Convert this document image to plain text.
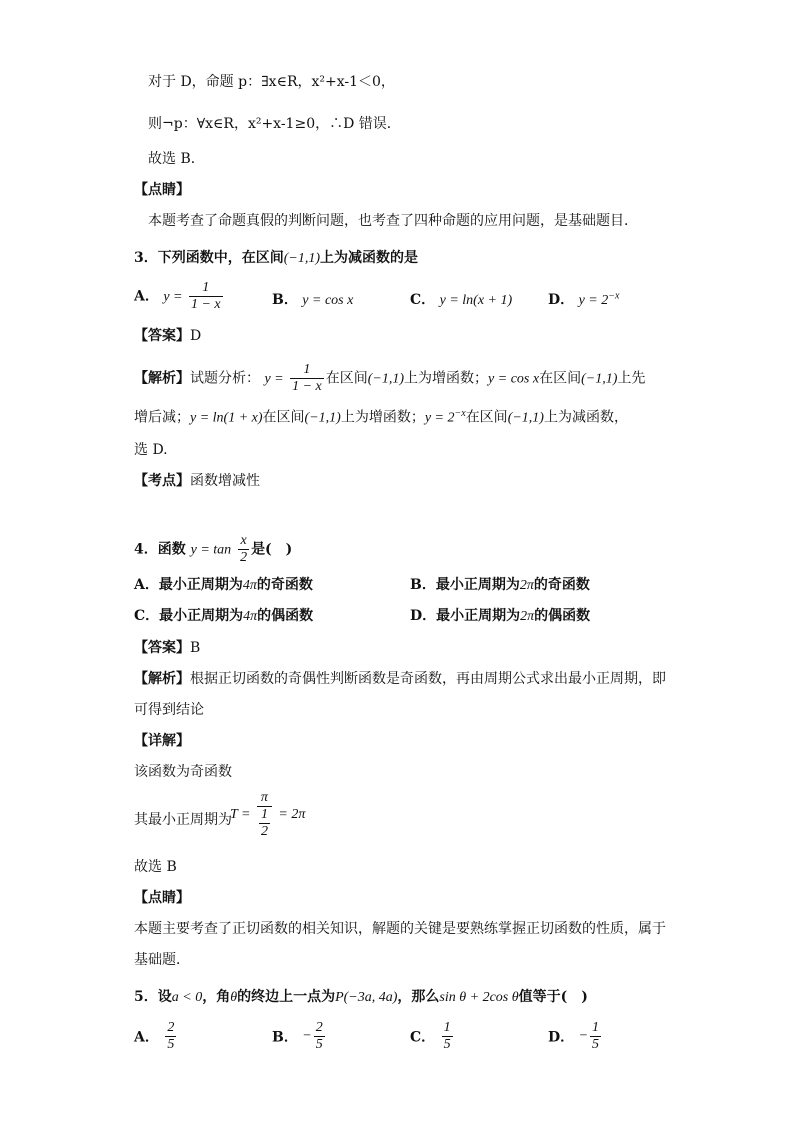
对于 D，命题 p：∃x∈R，x²+x-1＜0，
则¬p：∀x∈R，x²+x-1≥0，∴D 错误．
故选 B．
【点睛】
本题考查了命题真假的判断问题，也考查了四种命题的应用问题，是基础题目．
3．下列函数中，在区间(−1,1)上为减函数的是
A． $y = \frac{1}{1 - x}$	B． y = cos x	C． y = ln(x + 1)	D． $y = 2^{-x}$
【答案】D
【解析】试题分析： $y = \frac{1}{1 - x}$ 在区间(−1,1)上为增函数；y = cos x在区间(−1,1)上先
增后减；y = ln(1 + x)在区间(−1,1)上为增函数；$y = 2^{-x}$在区间(−1,1)上为减函数，
选 D.
【考点】函数增减性
4．函数 $y = \tan \frac{x}{2}$ 是(　)
A．最小正周期为4π的奇函数	B．最小正周期为2π的奇函数
C．最小正周期为4π的偶函数	D．最小正周期为2π的偶函数
【答案】B
【解析】根据正切函数的奇偶性判断函数是奇函数，再由周期公式求出最小正周期，即
可得到结论
【详解】
该函数为奇函数
其最小正周期为
$T = \frac{\pi}{\frac{1}{2}} = 2\pi$
故选 B
【点睛】
本题主要考查了正切函数的相关知识，解题的关键是要熟练掌握正切函数的性质，属于
基础题．
5．设a < 0，角θ的终边上一点为P(−3a, 4a)，那么sin θ + 2cos θ值等于(　)
A． $\frac{2}{5}$	B． − $\frac{2}{5}$	C． $\frac{1}{5}$	D． − $\frac{1}{5}$
